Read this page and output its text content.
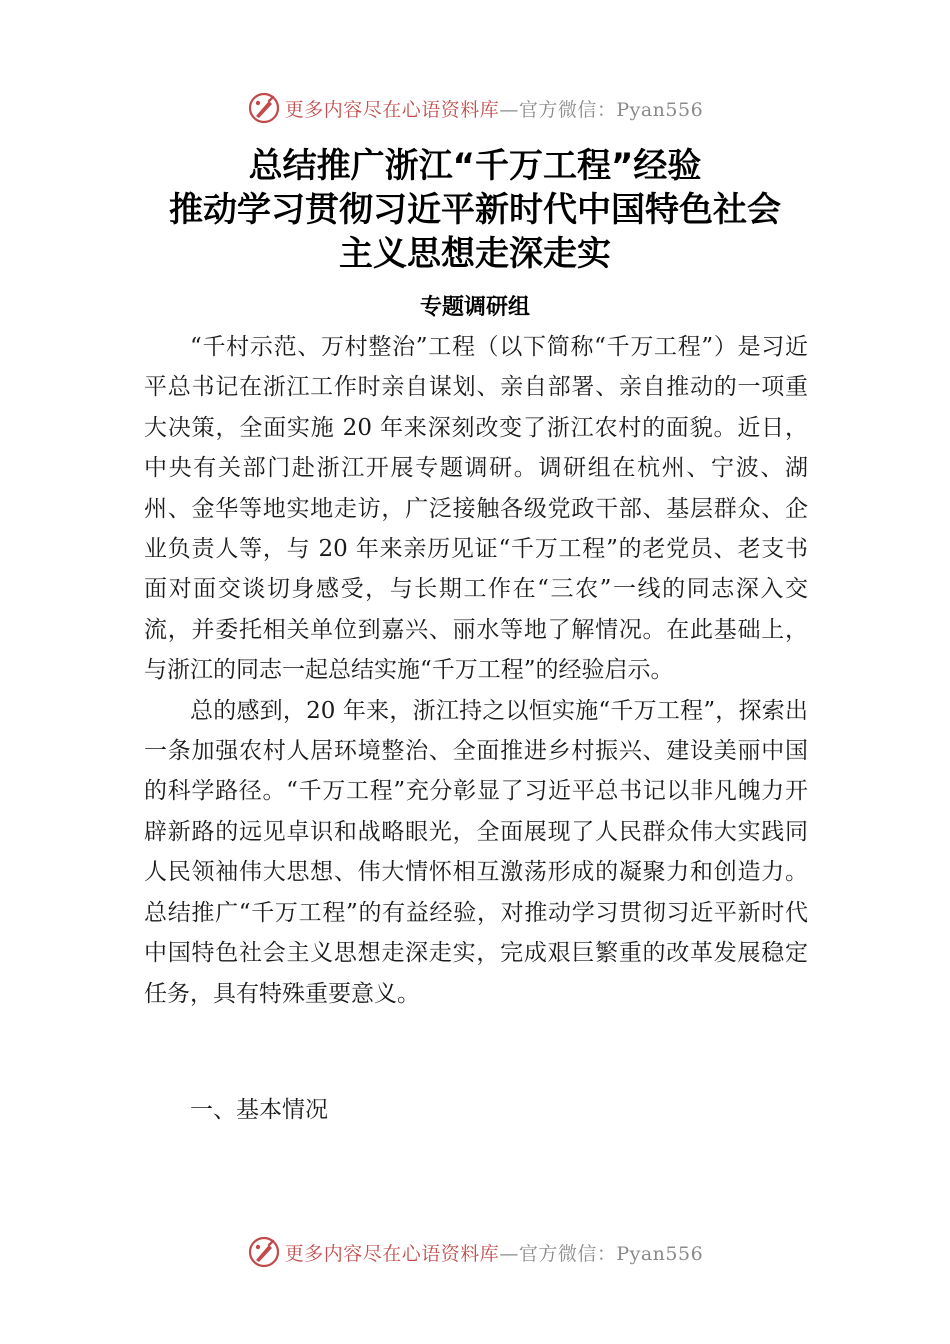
更多内容尽在心语资料库—官方微信：Pyan556
总结推广浙江“千万工程”经验
推动学习贯彻习近平新时代中国特色社会
主义思想走深走实
专题调研组

“千村示范、万村整治”工程（以下简称“千万工程”）是习近平总书记在浙江工作时亲自谋划、亲自部署、亲自推动的一项重大决策，全面实施 20 年来深刻改变了浙江农村的面貌。近日，中央有关部门赴浙江开展专题调研。调研组在杭州、宁波、湖州、金华等地实地走访，广泛接触各级党政干部、基层群众、企业负责人等，与 20 年来亲历见证“千万工程”的老党员、老支书面对面交谈切身感受，与长期工作在“三农”一线的同志深入交流，并委托相关单位到嘉兴、丽水等地了解情况。在此基础上，与浙江的同志一起总结实施“千万工程”的经验启示。

总的感到，20 年来，浙江持之以恒实施“千万工程”，探索出一条加强农村人居环境整治、全面推进乡村振兴、建设美丽中国的科学路径。“千万工程”充分彰显了习近平总书记以非凡魄力开辟新路的远见卓识和战略眼光，全面展现了人民群众伟大实践同人民领袖伟大思想、伟大情怀相互激荡形成的凝聚力和创造力。总结推广“千万工程”的有益经验，对推动学习贯彻习近平新时代中国特色社会主义思想走深走实，完成艰巨繁重的改革发展稳定任务，具有特殊重要意义。

一、基本情况
更多内容尽在心语资料库—官方微信：Pyan556
